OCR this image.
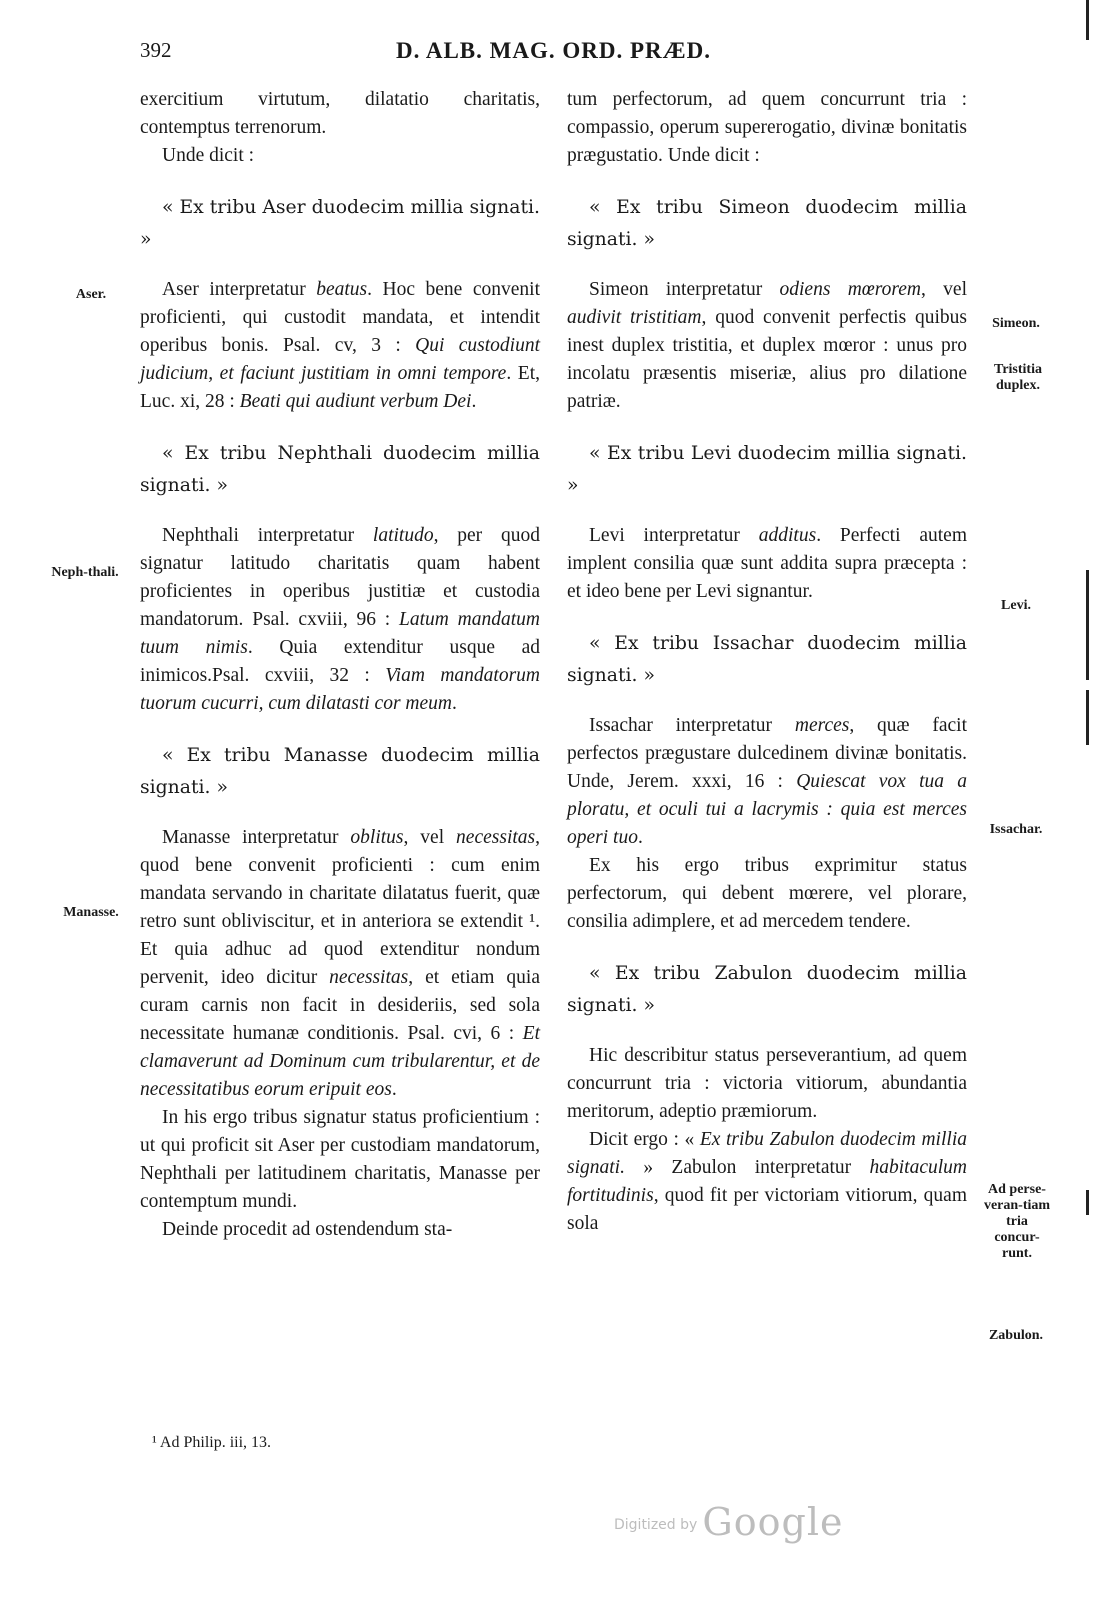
392	D. ALB. MAG. ORD. PRÆD.

exercitium virtutum, dilatatio charitatis, contemptus terrenorum.

Unde dicit :

« Ex tribu Aser duodecim millia signati. »

Aser interpretatur beatus. Hoc bene convenit proficienti, qui custodit mandata, et intendit operibus bonis. Psal. cv, 3 : Qui custodiunt judicium, et faciunt justitiam in omni tempore. Et, Luc. xi, 28 : Beati qui audiunt verbum Dei.

« Ex tribu Nephthali duodecim millia signati. »

Nephthali interpretatur latitudo, per quod signatur latitudo charitatis quam habent proficientes in operibus justitiæ et custodia mandatorum. Psal. cxviii, 96 : Latum mandatum tuum nimis. Quia extenditur usque ad inimicos.Psal. cxviii, 32 : Viam mandatorum tuorum cucurri, cum dilatasti cor meum.

« Ex tribu Manasse duodecim millia signati. »

Manasse interpretatur oblitus, vel necessitas, quod bene convenit proficienti : cum enim mandata servando in charitate dilatatus fuerit, quæ retro sunt obliviscitur, et in anteriora se extendit ¹. Et quia adhuc ad quod extenditur nondum pervenit, ideo dicitur necessitas, et etiam quia curam carnis non facit in desideriis, sed sola necessitate humanæ conditionis. Psal. cvi, 6 : Et clamaverunt ad Dominum cum tribularentur, et de necessitatibus eorum eripuit eos.

In his ergo tribus signatur status proficientium : ut qui proficit sit Aser per custodiam mandatorum, Nephthali per latitudinem charitatis, Manasse per contemptum mundi.

Deinde procedit ad ostendendum sta-

tum perfectorum, ad quem concurrunt tria : compassio, operum supererogatio, divinæ bonitatis prægustatio. Unde dicit :

« Ex tribu Simeon duodecim millia signati. »

Simeon interpretatur odiens mœrorem, vel audivit tristitiam, quod convenit perfectis quibus inest duplex tristitia, et duplex mœror : unus pro incolatu præsentis miseriæ, alius pro dilatione patriæ.

« Ex tribu Levi duodecim millia signati. »

Levi interpretatur additus. Perfecti autem implent consilia quæ sunt addita supra præcepta : et ideo bene per Levi signantur.

« Ex tribu Issachar duodecim millia signati. »

Issachar interpretatur merces, quæ facit perfectos prægustare dulcedinem divinæ bonitatis. Unde, Jerem. xxxi, 16 : Quiescat vox tua a ploratu, et oculi tui a lacrymis : quia est merces operi tuo.

Ex his ergo tribus exprimitur status perfectorum, qui debent mœrere, vel plorare, consilia adimplere, et ad mercedem tendere.

« Ex tribu Zabulon duodecim millia signati. »

Hic describitur status perseverantium, ad quem concurrunt tria : victoria vitiorum, abundantia meritorum, adeptio præmiorum.

Dicit ergo : « Ex tribu Zabulon duodecim millia signati. » Zabulon interpretatur habitaculum fortitudinis, quod fit per victoriam vitiorum, quam sola

Aser.
Neph-thali.
Manasse.
Simeon.
Tristitia duplex.
Levi.
Issachar.
Ad perse-veran-tiam tria concur-runt.
Zabulon.
¹ Ad Philip. iii, 13.
Digitized by Google
